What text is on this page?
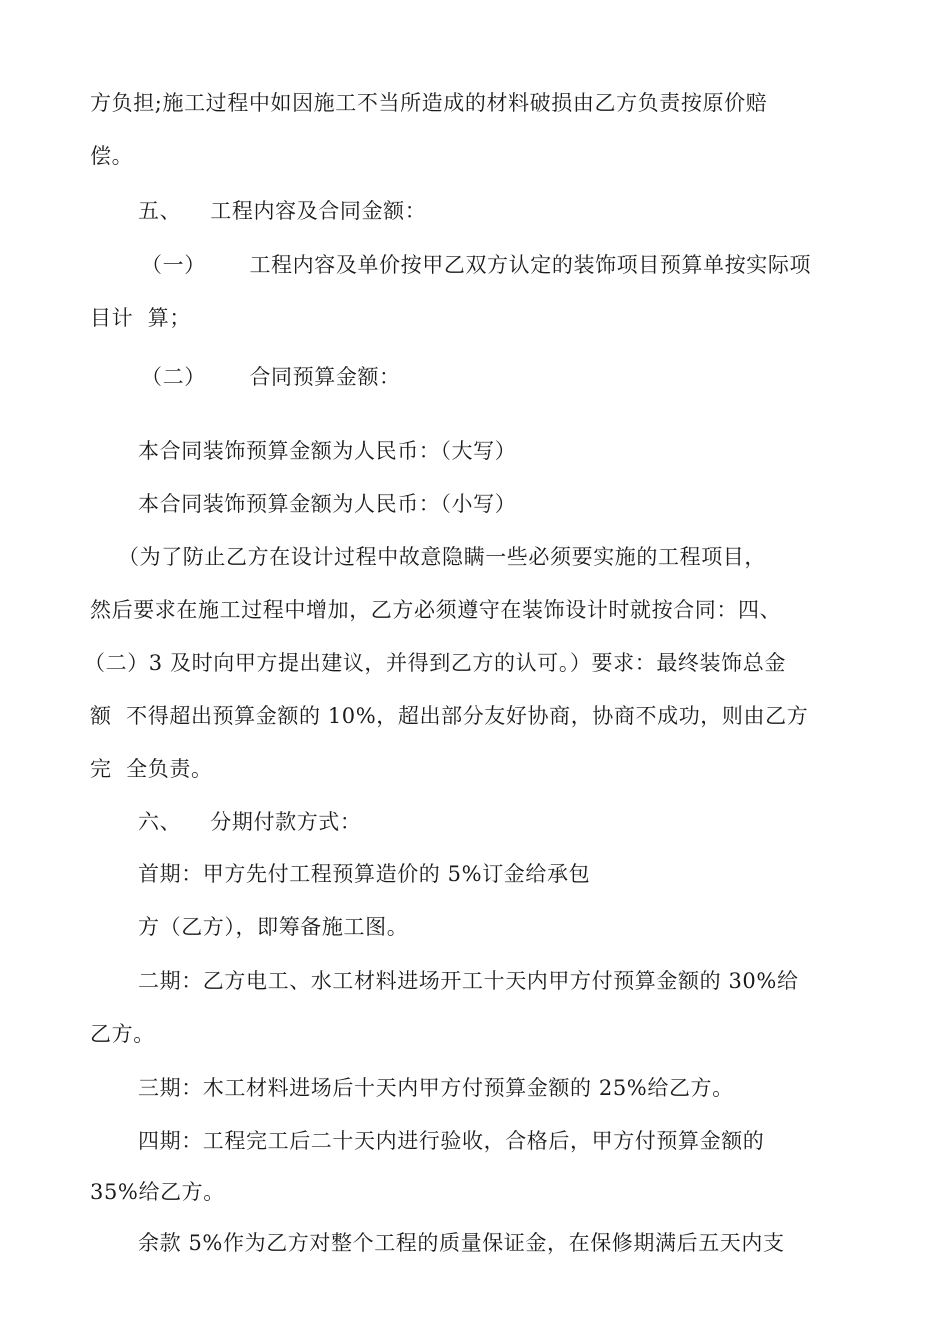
方负担;施工过程中如因施工不当所造成的材料破损由乙方负责按原价赔
偿。
五、    工程内容及合同金额：
（一）      工程内容及单价按甲乙双方认定的装饰项目预算单按实际项
目计  算；
（二）      合同预算金额：
本合同装饰预算金额为人民币：（大写）
本合同装饰预算金额为人民币：（小写）
（为了防止乙方在设计过程中故意隐瞒一些必须要实施的工程项目，
然后要求在施工过程中增加，乙方必须遵守在装饰设计时就按合同：四、
（二）3 及时向甲方提出建议，并得到乙方的认可。）要求：最终装饰总金
额  不得超出预算金额的 10%，超出部分友好协商，协商不成功，则由乙方
完  全负责。
六、    分期付款方式：
首期：甲方先付工程预算造价的 5%订金给承包
方（乙方），即筹备施工图。
二期：乙方电工、水工材料进场开工十天内甲方付预算金额的 30%给
乙方。
三期：木工材料进场后十天内甲方付预算金额的 25%给乙方。
四期：工程完工后二十天内进行验收，合格后，甲方付预算金额的
35%给乙方。
余款 5%作为乙方对整个工程的质量保证金，在保修期满后五天内支
